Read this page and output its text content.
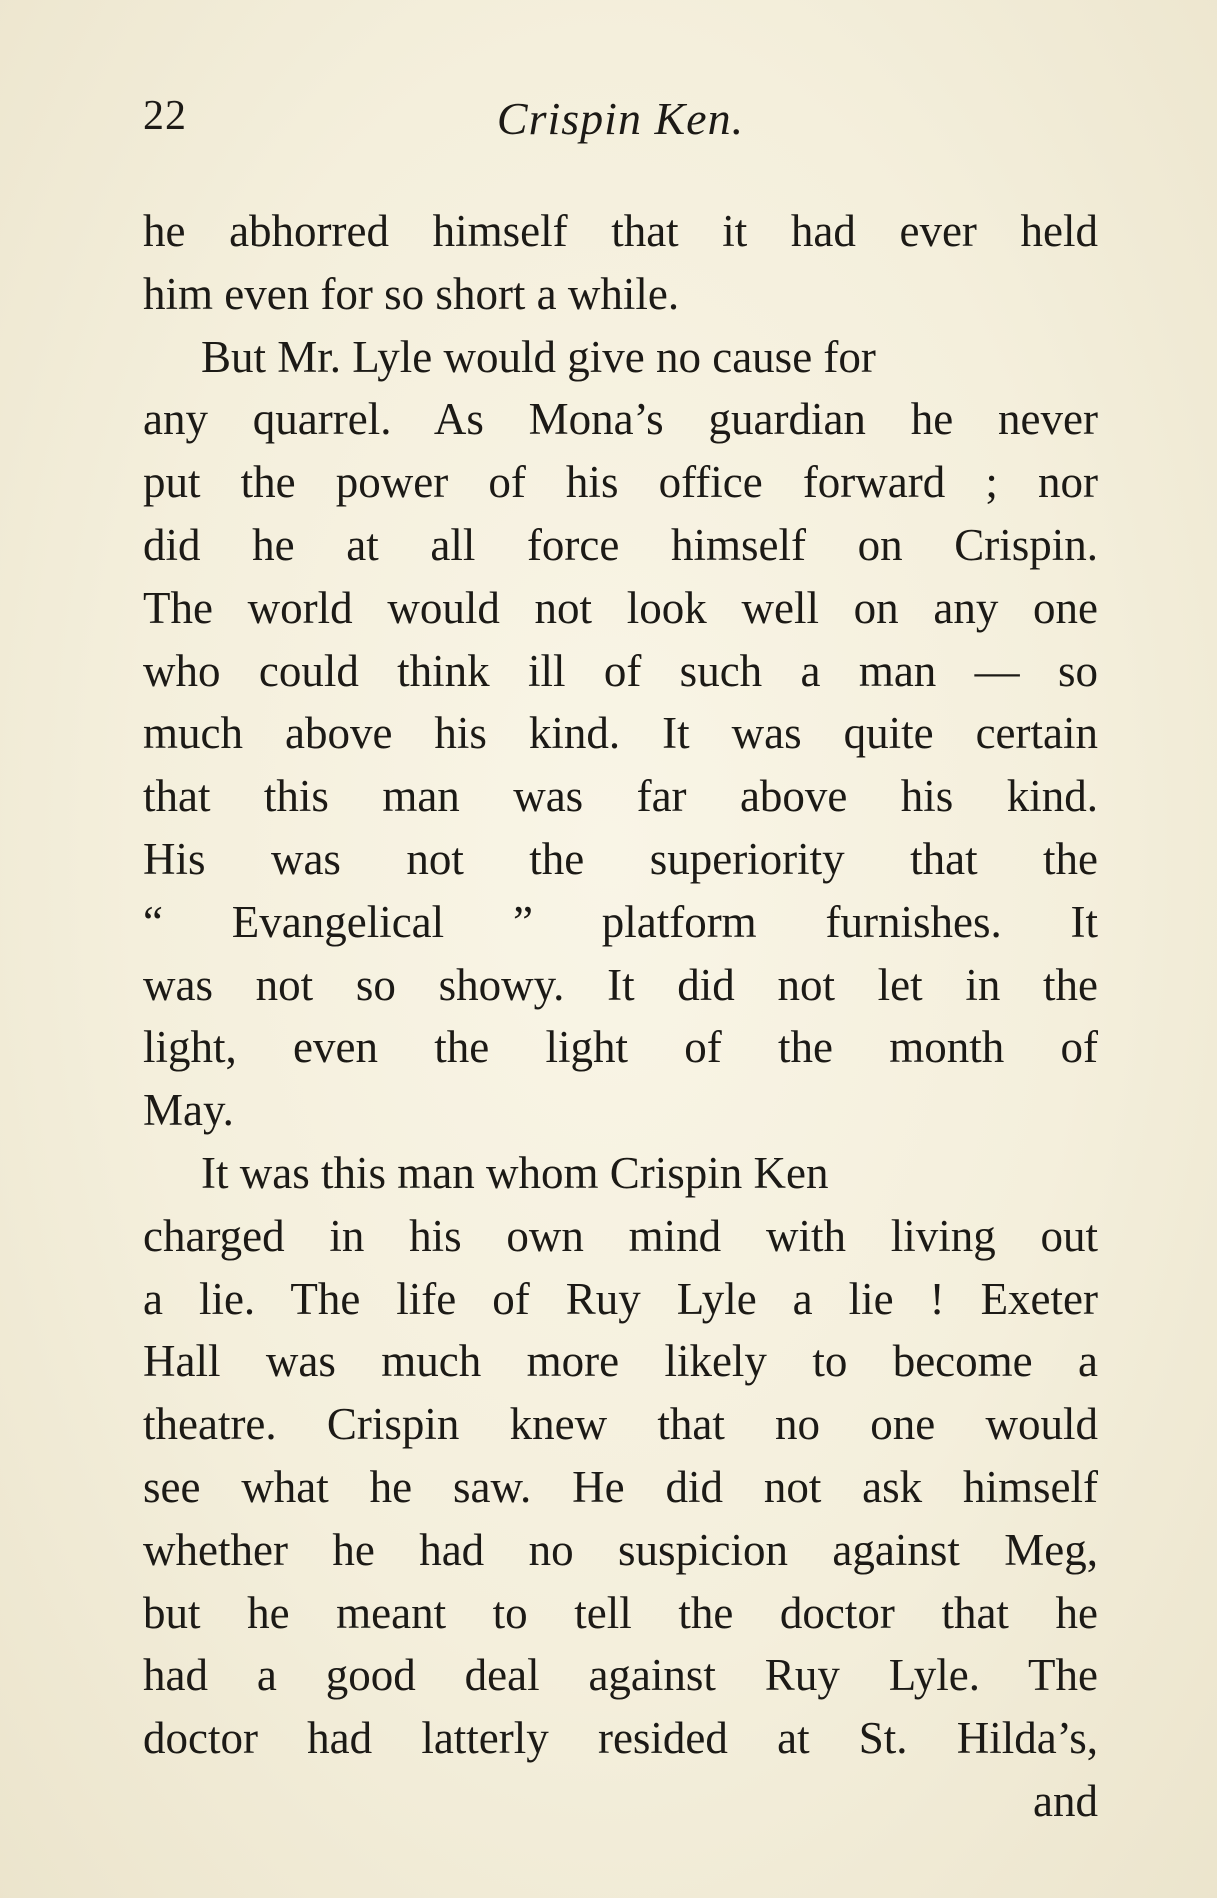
22	Crispin Ken.
he abhorred himself that it had ever held
him even for so short a while.
But Mr. Lyle would give no cause for
any quarrel. As Mona’s guardian he never
put the power of his office forward ; nor
did he at all force himself on Crispin.
The world would not look well on any one
who could think ill of such a man — so
much above his kind. It was quite certain
that this man was far above his kind.
His was not the superiority that the
“ Evangelical ” platform furnishes. It
was not so showy. It did not let in the
light, even the light of the month of
May.
It was this man whom Crispin Ken
charged in his own mind with living out
a lie. The life of Ruy Lyle a lie ! Exeter
Hall was much more likely to become a
theatre. Crispin knew that no one would
see what he saw. He did not ask himself
whether he had no suspicion against Meg,
but he meant to tell the doctor that he
had a good deal against Ruy Lyle. The
doctor had latterly resided at St. Hilda’s,
and
